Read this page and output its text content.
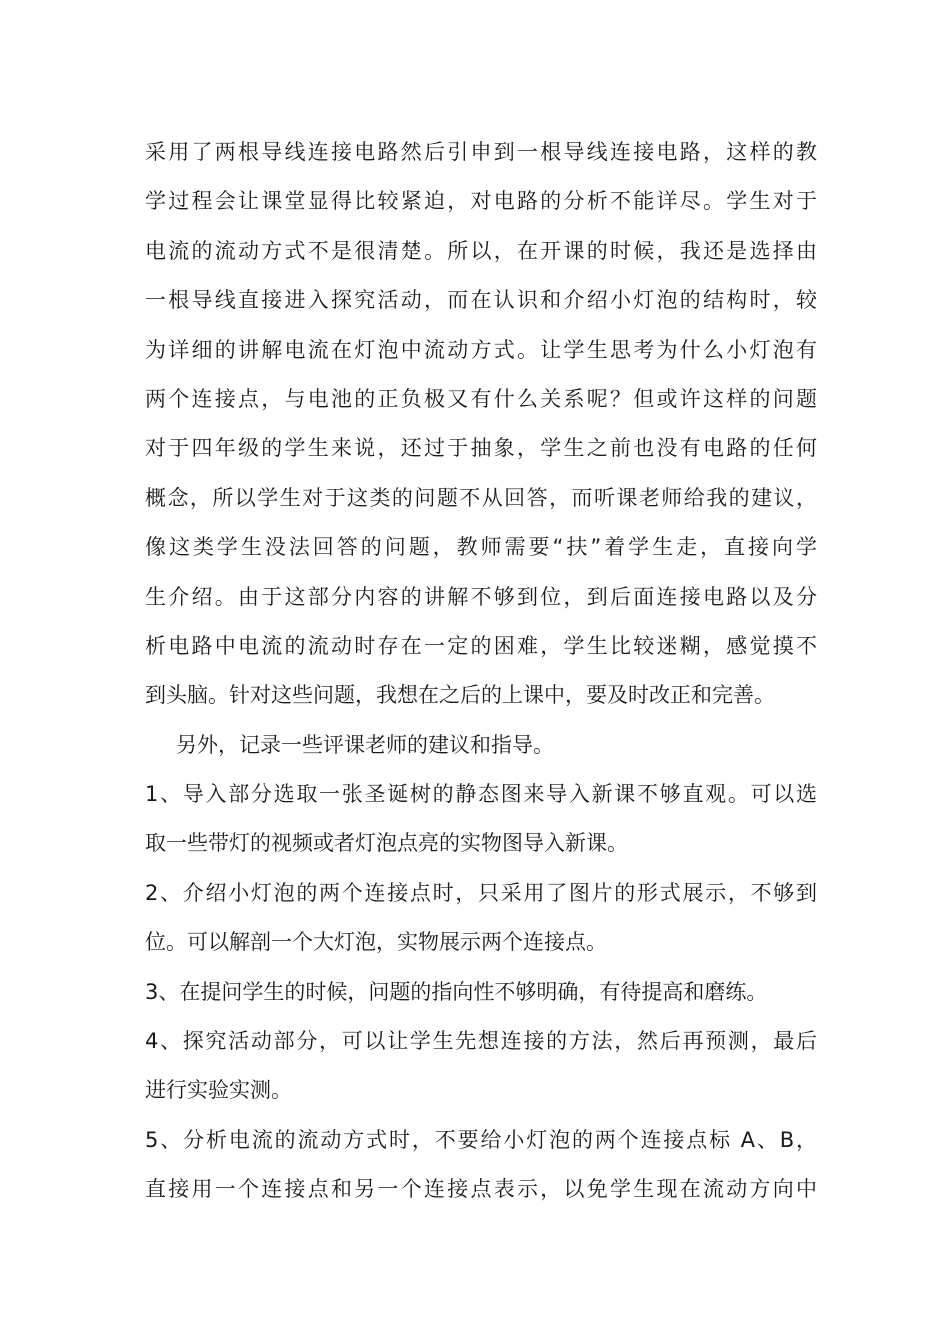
采用了两根导线连接电路然后引申到一根导线连接电路，这样的教
学过程会让课堂显得比较紧迫，对电路的分析不能详尽。学生对于
电流的流动方式不是很清楚。所以，在开课的时候，我还是选择由
一根导线直接进入探究活动，而在认识和介绍小灯泡的结构时，较
为详细的讲解电流在灯泡中流动方式。让学生思考为什么小灯泡有
两个连接点，与电池的正负极又有什么关系呢？但或许这样的问题
对于四年级的学生来说，还过于抽象，学生之前也没有电路的任何
概念，所以学生对于这类的问题不从回答，而听课老师给我的建议，
像这类学生没法回答的问题，教师需要“扶”着学生走，直接向学
生介绍。由于这部分内容的讲解不够到位，到后面连接电路以及分
析电路中电流的流动时存在一定的困难，学生比较迷糊，感觉摸不
到头脑。针对这些问题，我想在之后的上课中，要及时改正和完善。
另外，记录一些评课老师的建议和指导。
1、导入部分选取一张圣诞树的静态图来导入新课不够直观。可以选
取一些带灯的视频或者灯泡点亮的实物图导入新课。
2、介绍小灯泡的两个连接点时，只采用了图片的形式展示，不够到
位。可以解剖一个大灯泡，实物展示两个连接点。
3、在提问学生的时候，问题的指向性不够明确，有待提高和磨练。
4、探究活动部分，可以让学生先想连接的方法，然后再预测，最后
进行实验实测。
5、分析电流的流动方式时，不要给小灯泡的两个连接点标 A、B，
直接用一个连接点和另一个连接点表示，以免学生现在流动方向中
